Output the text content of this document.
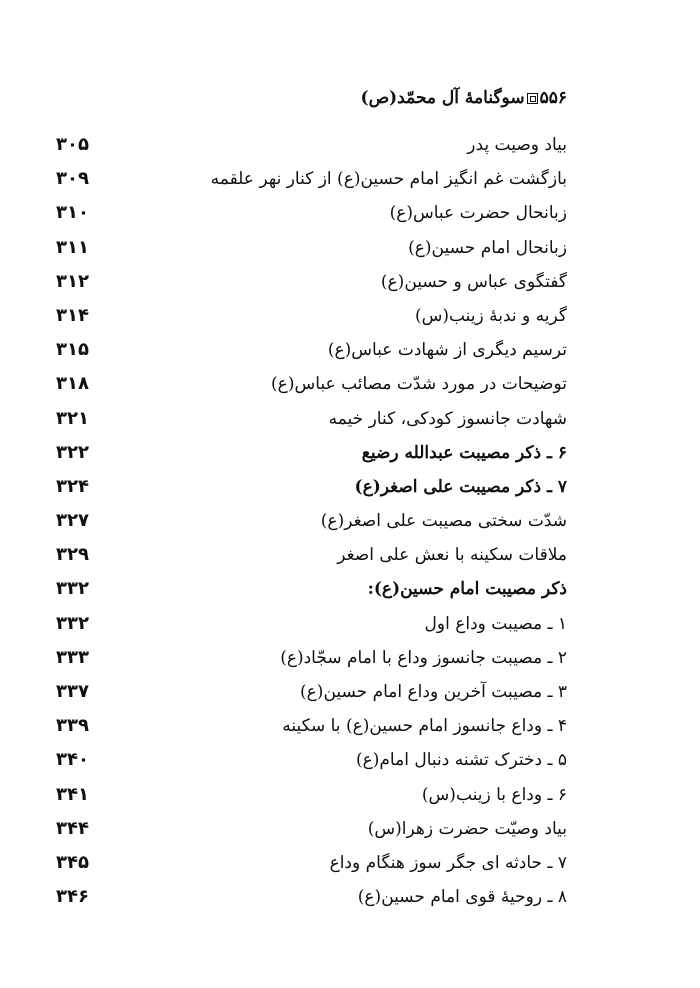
۵۵۶
سوگنامۀ آل محمّد(ص)
بیاد وصیت پدر
۳۰۵
بازگشت غم انگیز امام حسین(ع) از کنار نهر علقمه
۳۰۹
زبانحال حضرت عباس(ع)
۳۱۰
زبانحال امام حسین(ع)
۳۱۱
گفتگوی عباس و حسین(ع)
۳۱۲
گریه و ندبۀ زینب(س)
۳۱۴
ترسیم دیگری از شهادت عباس(ع)
۳۱۵
توضیحات در مورد شدّت مصائب عباس(ع)
۳۱۸
شهادت جانسوز کودکی، کنار خیمه
۳۲۱
۶ ـ ذکر مصیبت عبدالله رضیع
۳۲۲
۷ ـ ذکر مصیبت علی اصغر(ع)
۳۲۴
شدّت سختی مصیبت علی اصغر(ع)
۳۲۷
ملاقات سکینه با نعش علی اصغر
۳۲۹
ذکر مصیبت امام حسین(ع):
۳۳۲
۱ ـ مصیبت وداع اول
۳۳۲
۲ ـ مصیبت جانسوز وداع با امام سجّاد(ع)
۳۳۳
۳ ـ مصیبت آخرین وداع امام حسین(ع)
۳۳۷
۴ ـ وداع جانسوز امام حسین(ع) با سکینه
۳۳۹
۵ ـ دخترک تشنه دنبال امام(ع)
۳۴۰
۶ ـ وداع با زینب(س)
۳۴۱
بیاد وصیّت حضرت زهرا(س)
۳۴۴
۷ ـ حادثه ای جگر سوز هنگام وداع
۳۴۵
۸ ـ روحیۀ قوی امام حسین(ع)
۳۴۶
